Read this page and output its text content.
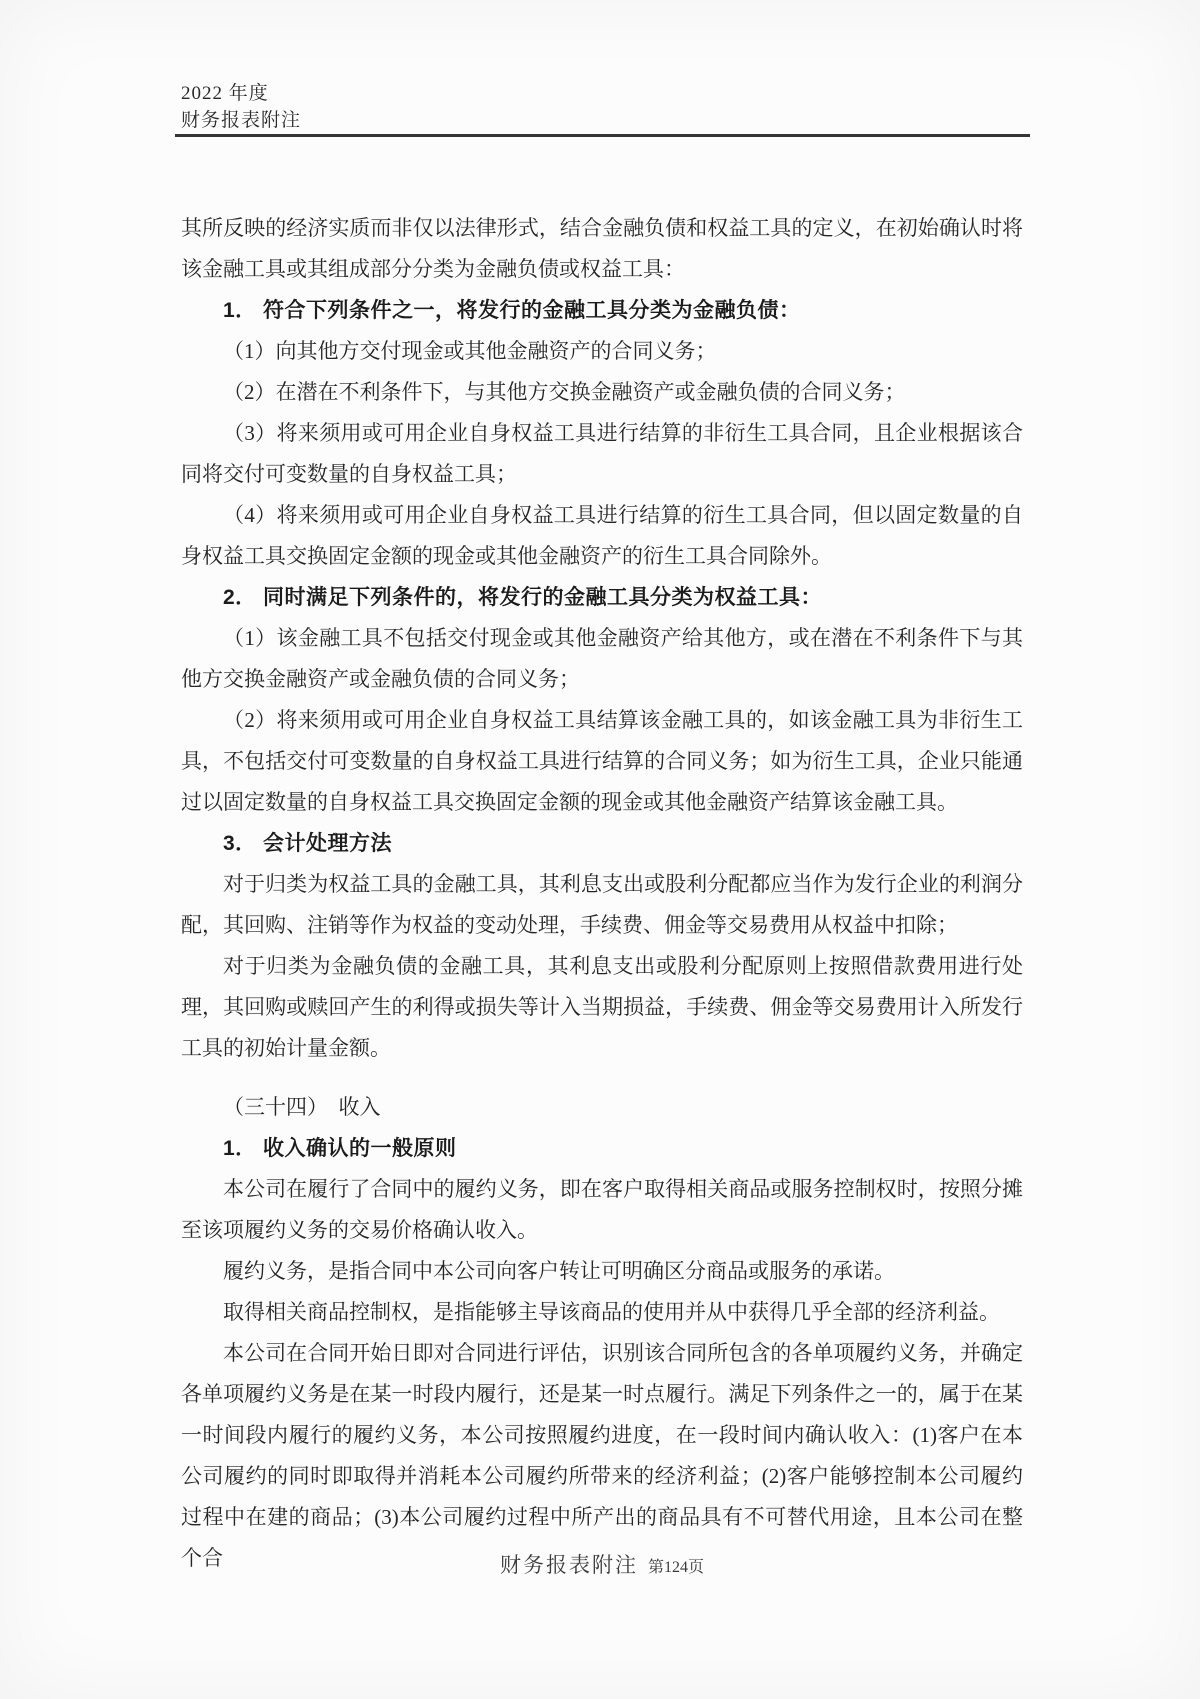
2022 年度
财务报表附注

其所反映的经济实质而非仅以法律形式，结合金融负债和权益工具的定义，在初始确认时将该金融工具或其组成部分分类为金融负债或权益工具：

1． 符合下列条件之一，将发行的金融工具分类为金融负债：

（1）向其他方交付现金或其他金融资产的合同义务；

（2）在潜在不利条件下，与其他方交换金融资产或金融负债的合同义务；

（3）将来须用或可用企业自身权益工具进行结算的非衍生工具合同，且企业根据该合同将交付可变数量的自身权益工具；

（4）将来须用或可用企业自身权益工具进行结算的衍生工具合同，但以固定数量的自身权益工具交换固定金额的现金或其他金融资产的衍生工具合同除外。

2． 同时满足下列条件的，将发行的金融工具分类为权益工具：

（1）该金融工具不包括交付现金或其他金融资产给其他方，或在潜在不利条件下与其他方交换金融资产或金融负债的合同义务；

（2）将来须用或可用企业自身权益工具结算该金融工具的，如该金融工具为非衍生工具，不包括交付可变数量的自身权益工具进行结算的合同义务；如为衍生工具，企业只能通过以固定数量的自身权益工具交换固定金额的现金或其他金融资产结算该金融工具。

3． 会计处理方法

对于归类为权益工具的金融工具，其利息支出或股利分配都应当作为发行企业的利润分配，其回购、注销等作为权益的变动处理，手续费、佣金等交易费用从权益中扣除；

对于归类为金融负债的金融工具，其利息支出或股利分配原则上按照借款费用进行处理，其回购或赎回产生的利得或损失等计入当期损益，手续费、佣金等交易费用计入所发行工具的初始计量金额。

（三十四）　收入

1． 收入确认的一般原则

本公司在履行了合同中的履约义务，即在客户取得相关商品或服务控制权时，按照分摊至该项履约义务的交易价格确认收入。

履约义务，是指合同中本公司向客户转让可明确区分商品或服务的承诺。

取得相关商品控制权，是指能够主导该商品的使用并从中获得几乎全部的经济利益。

本公司在合同开始日即对合同进行评估，识别该合同所包含的各单项履约义务，并确定各单项履约义务是在某一时段内履行，还是某一时点履行。满足下列条件之一的，属于在某一时间段内履行的履约义务，本公司按照履约进度，在一段时间内确认收入：(1)客户在本公司履约的同时即取得并消耗本公司履约所带来的经济利益；(2)客户能够控制本公司履约过程中在建的商品；(3)本公司履约过程中所产出的商品具有不可替代用途，且本公司在整个合	财务报表附注 第124页
